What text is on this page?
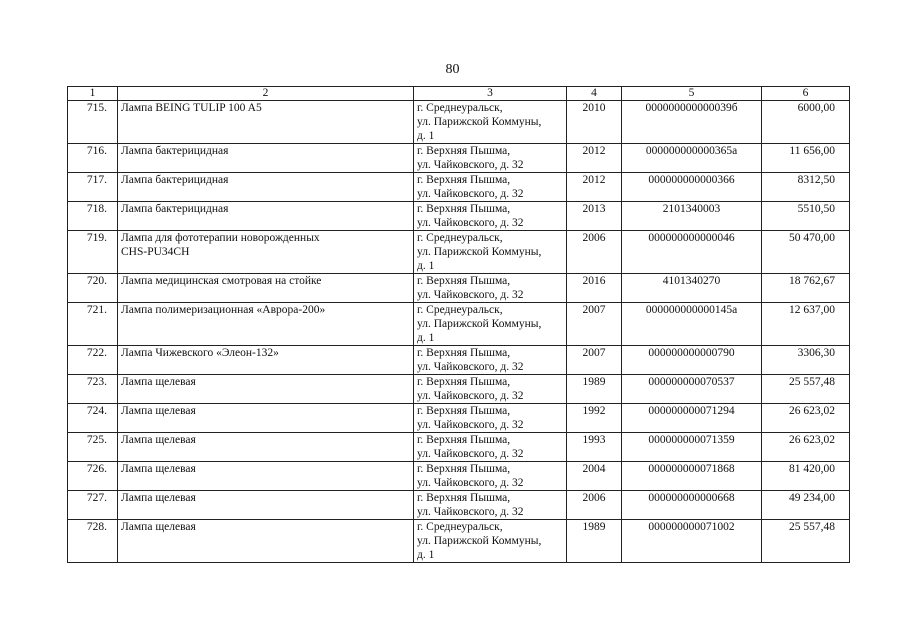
80
1	2	3	4	5	6
715.	Лампа BEING TULIP 100 A5	г. Среднеуральск,
ул. Парижской Коммуны,
д. 1	2010	000000000000039б	6000,00
716.	Лампа бактерицидная	г. Верхняя Пышма,
ул. Чайковского, д. 32	2012	000000000000365а	11 656,00
717.	Лампа бактерицидная	г. Верхняя Пышма,
ул. Чайковского, д. 32	2012	000000000000366	8312,50
718.	Лампа бактерицидная	г. Верхняя Пышма,
ул. Чайковского, д. 32	2013	2101340003	5510,50
719.	Лампа для фототерапии новорожденных
CHS-PU34CH	г. Среднеуральск,
ул. Парижской Коммуны,
д. 1	2006	000000000000046	50 470,00
720.	Лампа медицинская смотровая на стойке	г. Верхняя Пышма,
ул. Чайковского, д. 32	2016	4101340270	18 762,67
721.	Лампа полимеризационная «Аврора-200»	г. Среднеуральск,
ул. Парижской Коммуны,
д. 1	2007	000000000000145а	12 637,00
722.	Лампа Чижевского «Элеон-132»	г. Верхняя Пышма,
ул. Чайковского, д. 32	2007	000000000000790	3306,30
723.	Лампа щелевая	г. Верхняя Пышма,
ул. Чайковского, д. 32	1989	000000000070537	25 557,48
724.	Лампа щелевая	г. Верхняя Пышма,
ул. Чайковского, д. 32	1992	000000000071294	26 623,02
725.	Лампа щелевая	г. Верхняя Пышма,
ул. Чайковского, д. 32	1993	000000000071359	26 623,02
726.	Лампа щелевая	г. Верхняя Пышма,
ул. Чайковского, д. 32	2004	000000000071868	81 420,00
727.	Лампа щелевая	г. Верхняя Пышма,
ул. Чайковского, д. 32	2006	000000000000668	49 234,00
728.	Лампа щелевая	г. Среднеуральск,
ул. Парижской Коммуны,
д. 1	1989	000000000071002	25 557,48
